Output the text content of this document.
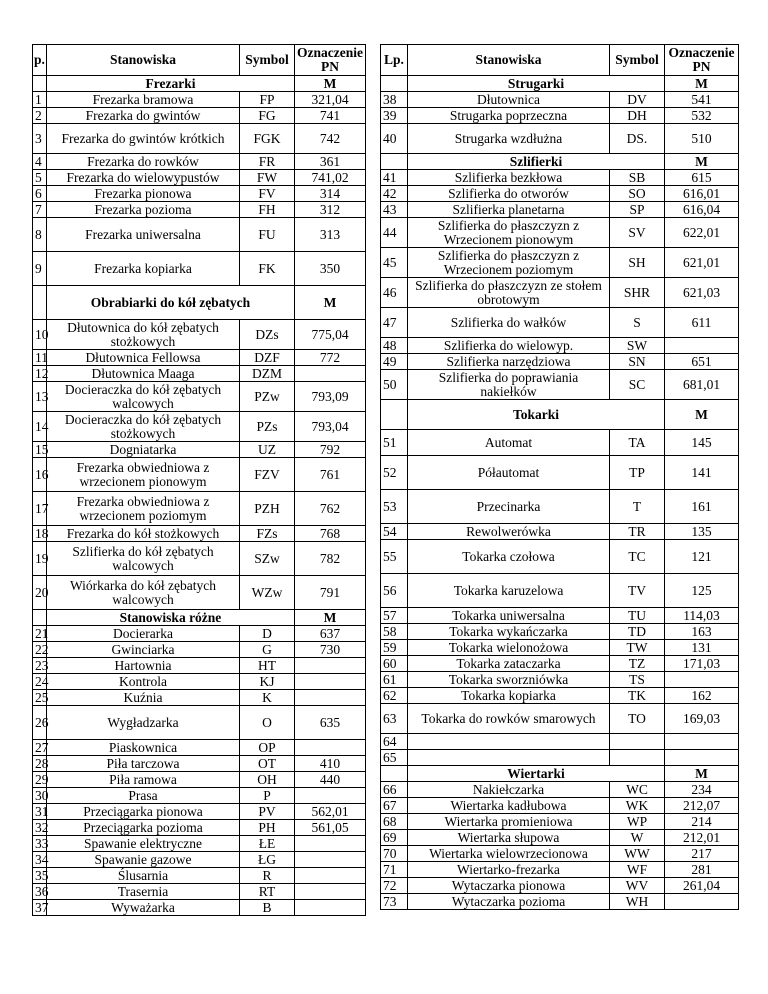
p.	Stanowiska	Symbol	Oznaczenie PN
	Frezarki		M
1	Frezarka bramowa	FP	321,04
2	Frezarka do gwintów	FG	741
3	Frezarka do gwintów krótkich	FGK	742
4	Frezarka do rowków	FR	361
5	Frezarka do wielowypustów	FW	741,02
6	Frezarka pionowa	FV	314
7	Frezarka pozioma	FH	312
8	Frezarka uniwersalna	FU	313
9	Frezarka kopiarka	FK	350
	Obrabiarki do kół zębatych		M
10	Dłutownica do kół zębatych stożkowych	DZs	775,04
11	Dłutownica Fellowsa	DZF	772
12	Dłutownica Maaga	DZM	
13	Docieraczka do kół zębatych walcowych	PZw	793,09
14	Docieraczka do kół zębatych stożkowych	PZs	793,04
15	Dogniatarka	UZ	792
16	Frezarka obwiedniowa z wrzecionem pionowym	FZV	761
17	Frezarka obwiedniowa z wrzecionem poziomym	PZH	762
18	Frezarka do kół stożkowych	FZs	768
19	Szlifierka do kół zębatych walcowych	SZw	782
20	Wiórkarka do kół zębatych walcowych	WZw	791
	Stanowiska różne		M
21	Docierarka	D	637
22	Gwinciarka	G	730
23	Hartownia	HT	
24	Kontrola	KJ	
25	Kuźnia	K	
26	Wygładzarka	O	635
27	Piaskownica	OP	
28	Piła tarczowa	OT	410
29	Piła ramowa	OH	440
30	Prasa	P	
31	Przeciągarka pionowa	PV	562,01
32	Przeciągarka pozioma	PH	561,05
33	Spawanie elektryczne	ŁE	
34	Spawanie gazowe	ŁG	
35	Ślusarnia	R	
36	Trasernia	RT	
37	Wyważarka	B	
Lp.	Stanowiska	Symbol	Oznaczenie PN
	Strugarki		M
38	Dłutownica	DV	541
39	Strugarka poprzeczna	DH	532
40	Strugarka wzdłużna	DS.	510
	Szlifierki		M
41	Szlifierka bezkłowa	SB	615
42	Szlifierka do otworów	SO	616,01
43	Szlifierka planetarna	SP	616,04
44	Szlifierka do płaszczyzn z Wrzecionem pionowym	SV	622,01
45	Szlifierka do płaszczyzn z Wrzecionem poziomym	SH	621,01
46	Szlifierka do płaszczyzn ze stołem obrotowym	SHR	621,03
47	Szlifierka do wałków	S	611
48	Szlifierka do wielowyp.	SW	
49	Szlifierka narzędziowa	SN	651
50	Szlifierka do poprawiania nakiełków	SC	681,01
	Tokarki		M
51	Automat	TA	145
52	Półautomat	TP	141
53	Przecinarka	T	161
54	Rewolwerówka	TR	135
55	Tokarka czołowa	TC	121
56	Tokarka karuzelowa	TV	125
57	Tokarka uniwersalna	TU	114,03
58	Tokarka wykańczarka	TD	163
59	Tokarka wielonożowa	TW	131
60	Tokarka zataczarka	TZ	171,03
61	Tokarka sworzniówka	TS	
62	Tokarka kopiarka	TK	162
63	Tokarka do rowków smarowych	TO	169,03
64			
65			
	Wiertarki		M
66	Nakiełczarka	WC	234
67	Wiertarka kadłubowa	WK	212,07
68	Wiertarka promieniowa	WP	214
69	Wiertarka słupowa	W	212,01
70	Wiertarka wielowrzecionowa	WW	217
71	Wiertarko-frezarka	WF	281
72	Wytaczarka pionowa	WV	261,04
73	Wytaczarka pozioma	WH	
